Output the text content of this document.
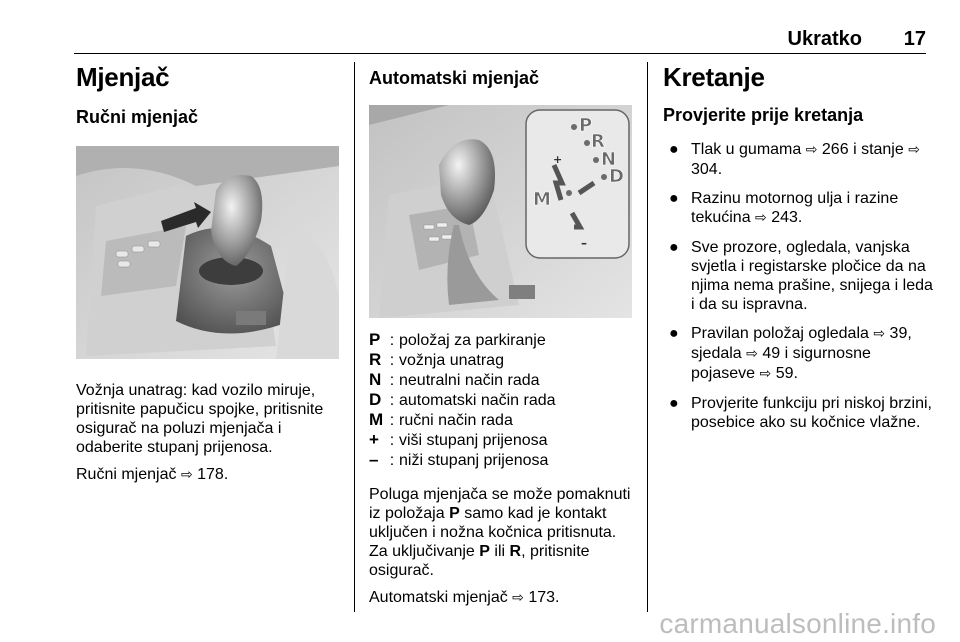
Ukratko 17
Mjenjač
Ručni mjenjač

Vožnja unatrag: kad vozilo miruje, pritisnite papučicu spojke, pritisnite osigurač na poluzi mjenjača i odaberite stupanj prijenosa.

Ručni mjenjač ⇨ 178.

Automatski mjenjač
+
–
P
R
N
D
M
P : položaj za parkiranje
R : vožnja unatrag
N : neutralni način rada
D : automatski način rada
M : ručni način rada
+ : viši stupanj prijenosa
– : niži stupanj prijenosa

Poluga mjenjača se može pomaknuti iz položaja P samo kad je kontakt uključen i nožna kočnica pritisnuta. Za uključivanje P ili R, pritisnite osigurač.

Automatski mjenjač ⇨ 173.

Kretanje
Provjerite prije kretanja
● Tlak u gumama ⇨ 266 i stanje ⇨ 304.
● Razinu motornog ulja i razine tekućina ⇨ 243.
● Sve prozore, ogledala, vanjska svjetla i registarske pločice da na njima nema prašine, snijega i leda i da su ispravna.
● Pravilan položaj ogledala ⇨ 39, sjedala ⇨ 49 i sigurnosne pojaseve ⇨ 59.
● Provjerite funkciju pri niskoj brzini, posebice ako su kočnice vlažne.
carmanualsonline.info
